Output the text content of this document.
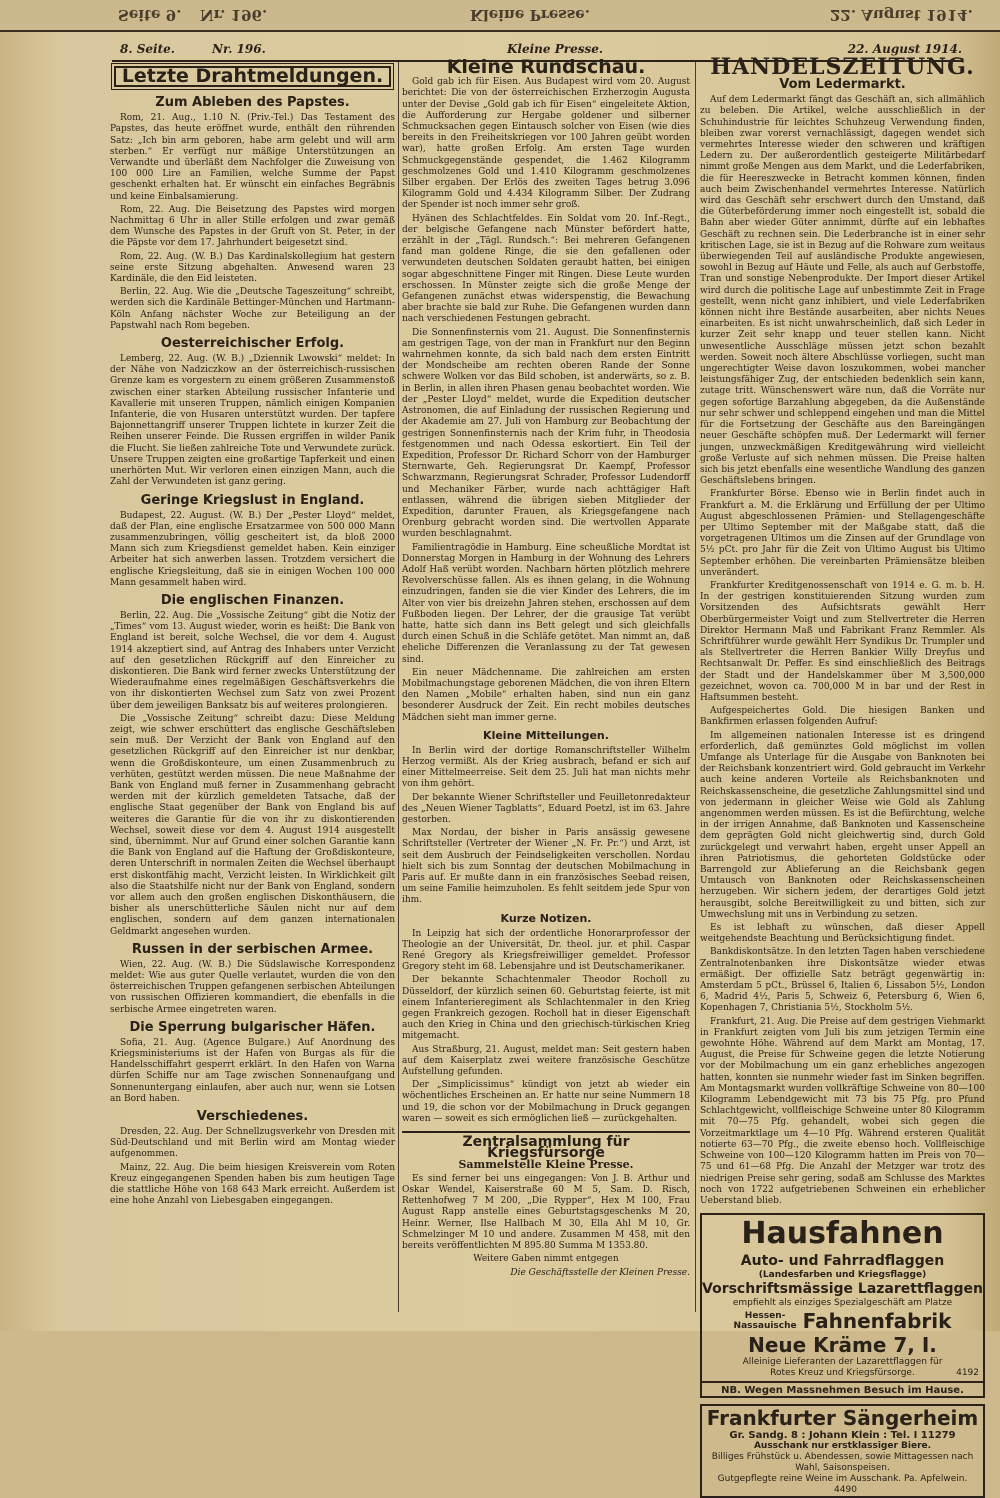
Seite 9. Nr. 196.	Kleine Presse.	22. August 1914.
8. Seite.	Nr. 196.	Kleine Presse.	22. August 1914.
Letzte Drahtmeldungen.
Zum Ableben des Papstes.

Rom, 21. Aug., 1.10 N. (Priv.-Tel.) Das Testament des Papstes, das heute eröffnet wurde, enthält den rührenden Satz: „Ich bin arm geboren, habe arm gelebt und will arm sterben.“ Er verfügt nur mäßige Unterstützungen an Verwandte und überläßt dem Nachfolger die Zuweisung von 100 000 Lire an Familien, welche Summe der Papst geschenkt erhalten hat. Er wünscht ein einfaches Begräbnis und keine Einbalsamierung.

Rom, 22. Aug. Die Beisetzung des Papstes wird morgen Nachmittag 6 Uhr in aller Stille erfolgen und zwar gemäß dem Wunsche des Papstes in der Gruft von St. Peter, in der die Päpste vor dem 17. Jahrhundert beigesetzt sind.

Rom, 22. Aug. (W. B.) Das Kardinalskollegium hat gestern seine erste Sitzung abgehalten. Anwesend waren 23 Kardinäle, die den Eid leisteten.

Berlin, 22. Aug. Wie die „Deutsche Tageszeitung“ schreibt, werden sich die Kardinäle Bettinger-München und Hartmann-Köln Anfang nächster Woche zur Beteiligung an der Papstwahl nach Rom begeben.

Oesterreichischer Erfolg.

Lemberg, 22. Aug. (W. B.) „Dziennik Lwowski“ meldet: In der Nähe von Nadziczkow an der österreichisch-russischen Grenze kam es vorgestern zu einem größeren Zusammenstoß zwischen einer starken Abteilung russischer Infanterie und Kavallerie mit unseren Truppen, nämlich einigen Kompanien Infanterie, die von Husaren unterstützt wurden. Der tapfere Bajonnettangriff unserer Truppen lichtete in kurzer Zeit die Reihen unserer Feinde. Die Russen ergriffen in wilder Panik die Flucht. Sie ließen zahlreiche Tote und Verwundete zurück. Unsere Truppen zeigten eine großartige Tapferkeit und einen unerhörten Mut. Wir verloren einen einzigen Mann, auch die Zahl der Verwundeten ist ganz gering.

Geringe Kriegslust in England.

Budapest, 22. August. (W. B.) Der „Pester Lloyd“ meldet, daß der Plan, eine englische Ersatzarmee von 500 000 Mann zusammenzubringen, völlig gescheitert ist, da bloß 2000 Mann sich zum Kriegsdienst gemeldet haben. Kein einziger Arbeiter hat sich anwerben lassen. Trotzdem versichert die englische Kriegsleitung, daß sie in einigen Wochen 100 000 Mann gesammelt haben wird.

Die englischen Finanzen.

Berlin, 22. Aug. Die „Vossische Zeitung“ gibt die Notiz der „Times“ vom 13. August wieder, worin es heißt: Die Bank von England ist bereit, solche Wechsel, die vor dem 4. August 1914 akzeptiert sind, auf Antrag des Inhabers unter Verzicht auf den gesetzlichen Rückgriff auf den Einreicher zu diskontieren. Die Bank wird ferner zwecks Unterstützung der Wiederaufnahme eines regelmäßigen Geschäftsverkehrs die von ihr diskontierten Wechsel zum Satz von zwei Prozent über dem jeweiligen Banksatz bis auf weiteres prolongieren.

Die „Vossische Zeitung“ schreibt dazu: Diese Meldung zeigt, wie schwer erschüttert das englische Geschäftsleben sein muß. Der Verzicht der Bank von England auf den gesetzlichen Rückgriff auf den Einreicher ist nur denkbar, wenn die Großdiskonteure, um einen Zusammenbruch zu verhüten, gestützt werden müssen. Die neue Maßnahme der Bank von England muß ferner in Zusammenhang gebracht werden mit der kürzlich gemeldeten Tatsache, daß der englische Staat gegenüber der Bank von England bis auf weiteres die Garantie für die von ihr zu diskontierenden Wechsel, soweit diese vor dem 4. August 1914 ausgestellt sind, übernimmt. Nur auf Grund einer solchen Garantie kann die Bank von England auf die Haftung der Großdiskonteure, deren Unterschrift in normalen Zeiten die Wechsel überhaupt erst diskontfähig macht, Verzicht leisten. In Wirklichkeit gilt also die Staatshilfe nicht nur der Bank von England, sondern vor allem auch den großen englischen Diskonthäusern, die bisher als unerschütterliche Säulen nicht nur auf dem englischen, sondern auf dem ganzen internationalen Geldmarkt angesehen wurden.

Russen in der serbischen Armee.

Wien, 22. Aug. (W. B.) Die Südslawische Korrespondenz meldet: Wie aus guter Quelle verlautet, wurden die von den österreichischen Truppen gefangenen serbischen Abteilungen von russischen Offizieren kommandiert, die ebenfalls in die serbische Armee eingetreten waren.

Die Sperrung bulgarischer Häfen.

Sofia, 21. Aug. (Agence Bulgare.) Auf Anordnung des Kriegsministeriums ist der Hafen von Burgas als für die Handelsschiffahrt gesperrt erklärt. In den Hafen von Warna dürfen Schiffe nur am Tage zwischen Sonnenaufgang und Sonnenuntergang einlaufen, aber auch nur, wenn sie Lotsen an Bord haben.

Verschiedenes.

Dresden, 22. Aug. Der Schnellzugsverkehr von Dresden mit Süd-Deutschland und mit Berlin wird am Montag wieder aufgenommen.

Mainz, 22. Aug. Die beim hiesigen Kreisverein vom Roten Kreuz eingegangenen Spenden haben bis zum heutigen Tage die stattliche Höhe von 168 643 Mark erreicht. Außerdem ist eine hohe Anzahl von Liebesgaben eingegangen.

Kleine Rundschau.

Gold gab ich für Eisen. Aus Budapest wird vom 20. August berichtet: Die von der österreichischen Erzherzogin Augusta unter der Devise „Gold gab ich für Eisen“ eingeleitete Aktion, die Aufforderung zur Hergabe goldener und silberner Schmucksachen gegen Eintausch solcher von Eisen (wie dies bereits in den Freiheitskriegen vor 100 Jahren geübt worden war), hatte großen Erfolg. Am ersten Tage wurden Schmuckgegenstände gespendet, die 1.462 Kilogramm geschmolzenes Gold und 1.410 Kilogramm geschmolzenes Silber ergaben. Der Erlös des zweiten Tages betrug 3.096 Kilogramm Gold und 4.434 Kilogramm Silber. Der Zudrang der Spender ist noch immer sehr groß.

Hyänen des Schlachtfeldes. Ein Soldat vom 20. Inf.-Regt., der belgische Gefangene nach Münster befördert hatte, erzählt in der „Tägl. Rundsch.“: Bei mehreren Gefangenen fand man goldene Ringe, die sie den gefallenen oder verwundeten deutschen Soldaten geraubt hatten, bei einigen sogar abgeschnittene Finger mit Ringen. Diese Leute wurden erschossen. In Münster zeigte sich die große Menge der Gefangenen zunächst etwas widerspenstig, die Bewachung aber brachte sie bald zur Ruhe. Die Gefangenen wurden dann nach verschiedenen Festungen gebracht.

Die Sonnenfinsternis vom 21. August. Die Sonnenfinsternis am gestrigen Tage, von der man in Frankfurt nur den Beginn wahrnehmen konnte, da sich bald nach dem ersten Eintritt der Mondscheibe am rechten oberen Rande der Sonne schwere Wolken vor das Bild schoben, ist anderwärts, so z. B. in Berlin, in allen ihren Phasen genau beobachtet worden. Wie der „Pester Lloyd“ meldet, wurde die Expedition deutscher Astronomen, die auf Einladung der russischen Regierung und der Akademie am 27. Juli von Hamburg zur Beobachtung der gestrigen Sonnenfinsternis nach der Krim fuhr, in Theodosia festgenommen und nach Odessa eskortiert. Ein Teil der Expedition, Professor Dr. Richard Schorr von der Hamburger Sternwarte, Geh. Regierungsrat Dr. Kaempf, Professor Schwarzmann, Regierungsrat Schrader, Professor Ludendorff und Mechaniker Färber, wurde nach achttägiger Haft entlassen, während die übrigen sieben Mitglieder der Expedition, darunter Frauen, als Kriegsgefangene nach Orenburg gebracht worden sind. Die wertvollen Apparate wurden beschlagnahmt.

Familientragödie in Hamburg. Eine scheußliche Mordtat ist Donnerstag Morgen in Hamburg in der Wohnung des Lehrers Adolf Haß verübt worden. Nachbarn hörten plötzlich mehrere Revolverschüsse fallen. Als es ihnen gelang, in die Wohnung einzudringen, fanden sie die vier Kinder des Lehrers, die im Alter von vier bis dreizehn Jahren stehen, erschossen auf dem Fußboden liegen. Der Lehrer, der die grausige Tat verübt hatte, hatte sich dann ins Bett gelegt und sich gleichfalls durch einen Schuß in die Schläfe getötet. Man nimmt an, daß eheliche Differenzen die Veranlassung zu der Tat gewesen sind.

Ein neuer Mädchenname. Die zahlreichen am ersten Mobilmachungstage geborenen Mädchen, die von ihren Eltern den Namen „Mobile“ erhalten haben, sind nun ein ganz besonderer Ausdruck der Zeit. Ein recht mobiles deutsches Mädchen sieht man immer gerne.

Kleine Mitteilungen.

In Berlin wird der dortige Romanschriftsteller Wilhelm Herzog vermißt. Als der Krieg ausbrach, befand er sich auf einer Mittelmeerreise. Seit dem 25. Juli hat man nichts mehr von ihm gehört.

Der bekannte Wiener Schriftsteller und Feuilletonredakteur des „Neuen Wiener Tagblatts“, Eduard Poetzl, ist im 63. Jahre gestorben.

Max Nordau, der bisher in Paris ansässig gewesene Schriftsteller (Vertreter der Wiener „N. Fr. Pr.“) und Arzt, ist seit dem Ausbruch der Feindseligkeiten verschollen. Nordau hielt sich bis zum Sonntag der deutschen Mobilmachung in Paris auf. Er mußte dann in ein französisches Seebad reisen, um seine Familie heimzuholen. Es fehlt seitdem jede Spur von ihm.

Kurze Notizen.

In Leipzig hat sich der ordentliche Honorarprofessor der Theologie an der Universität, Dr. theol. jur. et phil. Caspar René Gregory als Kriegsfreiwilliger gemeldet. Professor Gregory steht im 68. Lebensjahre und ist Deutschamerikaner.

Der bekannte Schachtenmaler Theodor Rocholl zu Düsseldorf, der kürzlich seinen 60. Geburtstag feierte, ist mit einem Infanterieregiment als Schlachtenmaler in den Krieg gegen Frankreich gezogen. Rocholl hat in dieser Eigenschaft auch den Krieg in China und den griechisch-türkischen Krieg mitgemacht.

Aus Straßburg, 21. August, meldet man: Seit gestern haben auf dem Kaiserplatz zwei weitere französische Geschütze Aufstellung gefunden.

Der „Simplicissimus“ kündigt von jetzt ab wieder ein wöchentliches Erscheinen an. Er hatte nur seine Nummern 18 und 19, die schon vor der Mobilmachung in Druck gegangen waren — soweit es sich ermöglichen ließ — zurückgehalten.

Zentralsammlung für Kriegsfürsorge
Sammelstelle Kleine Presse.

Es sind ferner bei uns eingegangen: Von J. B. Arthur und Oskar Wendel, Kaiserstraße 60 M 5, Sam. D. Risch, Rettenhofweg 7 M 200, „Die Rypper“, Hex M 100, Frau August Rapp anstelle eines Geburtstagsgeschenks M 20, Heinr. Werner, Ilse Hallbach M 30, Ella Ahl M 10, Gr. Schmelzinger M 10 und andere. Zusammen M 458, mit den bereits veröffentlichten M 895.80 Summa M 1353.80.

Weitere Gaben nimmt entgegen

Die Geschäftsstelle der Kleinen Presse.
HANDELSZEITUNG.
Vom Ledermarkt.

Auf dem Ledermarkt fängt das Geschäft an, sich allmählich zu beleben. Die Artikel, welche ausschließlich in der Schuhindustrie für leichtes Schuhzeug Verwendung finden, bleiben zwar vorerst vernachlässigt, dagegen wendet sich vermehrtes Interesse wieder den schweren und kräftigen Ledern zu. Der außerordentlich gesteigerte Militärbedarf nimmt große Mengen aus dem Markt, und die Lederfabriken, die für Heereszwecke in Betracht kommen können, finden auch beim Zwischenhandel vermehrtes Interesse. Natürlich wird das Geschäft sehr erschwert durch den Umstand, daß die Güterbeförderung immer noch eingestellt ist, sobald die Bahn aber wieder Güter annimmt, dürfte auf ein lebhaftes Geschäft zu rechnen sein. Die Lederbranche ist in einer sehr kritischen Lage, sie ist in Bezug auf die Rohware zum weitaus überwiegenden Teil auf ausländische Produkte angewiesen, sowohl in Bezug auf Häute und Felle, als auch auf Gerbstoffe, Tran und sonstige Nebenprodukte. Der Import dieser Artikel wird durch die politische Lage auf unbestimmte Zeit in Frage gestellt, wenn nicht ganz inhibiert, und viele Lederfabriken können nicht ihre Bestände ausarbeiten, aber nichts Neues einarbeiten. Es ist nicht unwahrscheinlich, daß sich Leder in kurzer Zeit sehr knapp und teuer stellen kann. Nicht unwesentliche Ausschläge müssen jetzt schon bezahlt werden. Soweit noch ältere Abschlüsse vorliegen, sucht man ungerechtigter Weise davon loszukommen, wobei mancher leistungsfähiger Zug, der entschieden bedenklich sein kann, zutage tritt. Wünschenswert wäre nun, daß die Vorräte nur gegen sofortige Barzahlung abgegeben, da die Außenstände nur sehr schwer und schleppend eingehen und man die Mittel für die Fortsetzung der Geschäfte aus den Bareingängen neuer Geschäfte schöpfen muß. Der Ledermarkt will ferner jungen, unzweckmäßigen Kreditgewährung wird vielleicht große Verluste auf sich nehmen müssen. Die Preise halten sich bis jetzt ebenfalls eine wesentliche Wandlung des ganzen Geschäftslebens bringen.

Frankfurter Börse. Ebenso wie in Berlin findet auch in Frankfurt a. M. die Erklärung und Erfüllung der per Ultimo August abgeschlossenen Prämien- und Stellagengeschäfte per Ultimo September mit der Maßgabe statt, daß die vorgetragenen Ultimos um die Zinsen auf der Grundlage von 5½ pCt. pro Jahr für die Zeit von Ultimo August bis Ultimo September erhöhen. Die vereinbarten Prämiensätze bleiben unverändert.

Frankfurter Kreditgenossenschaft von 1914 e. G. m. b. H. In der gestrigen konstituierenden Sitzung wurden zum Vorsitzenden des Aufsichtsrats gewählt Herr Oberbürgermeister Voigt und zum Stellvertreter die Herren Direktor Hermann Maß und Fabrikant Franz Remmler. Als Schriftführer wurde gewählt Herr Syndikus Dr. Trumpler und als Stellvertreter die Herren Bankier Willy Dreyfus und Rechtsanwalt Dr. Peffer. Es sind einschließlich des Beitrags der Stadt und der Handelskammer über M 3,500,000 gezeichnet, wovon ca. 700,000 M in bar und der Rest in Haftsummen besteht.

Aufgespeichertes Gold. Die hiesigen Banken und Bankfirmen erlassen folgenden Aufruf:

Im allgemeinen nationalen Interesse ist es dringend erforderlich, daß gemünztes Gold möglichst im vollen Umfange als Unterlage für die Ausgabe von Banknoten bei der Reichsbank konzentriert wird. Gold gebraucht im Verkehr auch keine anderen Vorteile als Reichsbanknoten und Reichskassenscheine, die gesetzliche Zahlungsmittel sind und von jedermann in gleicher Weise wie Gold als Zahlung angenommen werden müssen. Es ist die Befürchtung, welche in der irrigen Annahme, daß Banknoten und Kassenscheine dem geprägten Gold nicht gleichwertig sind, durch Gold zurückgelegt und verwahrt haben, ergeht unser Appell an ihren Patriotismus, die gehorteten Goldstücke oder Barrengold zur Ablieferung an die Reichsbank gegen Umtausch von Banknoten oder Reichskassenscheinen herzugeben. Wir sichern jedem, der derartiges Gold jetzt herausgibt, solche Bereitwilligkeit zu und bitten, sich zur Umwechslung mit uns in Verbindung zu setzen.

Es ist lebhaft zu wünschen, daß dieser Appell weitgehendste Beachtung und Berücksichtigung findet.

Bankdiskontsätze. In den letzten Tagen haben verschiedene Zentralnotenbanken ihre Diskontsätze wieder etwas ermäßigt. Der offizielle Satz beträgt gegenwärtig in: Amsterdam 5 pCt., Brüssel 6, Italien 6, Lissabon 5½, London 6, Madrid 4½, Paris 5, Schweiz 6, Petersburg 6, Wien 6, Kopenhagen 7, Christiania 5½, Stockholm 5½.

Frankfurt, 21. Aug. Die Preise auf dem gestrigen Viehmarkt in Frankfurt zeigten vom Juli bis zum jetzigen Termin eine gewohnte Höhe. Während auf dem Markt am Montag, 17. August, die Preise für Schweine gegen die letzte Notierung vor der Mobilmachung um ein ganz erhebliches angezogen hatten, konnten sie nunmehr wieder fast im Sinken begriffen. Am Montagsmarkt wurden vollkräftige Schweine von 80—100 Kilogramm Lebendgewicht mit 73 bis 75 Pfg. pro Pfund Schlachtgewicht, vollfleischige Schweine unter 80 Kilogramm mit 70—75 Pfg. gehandelt, wobei sich gegen die Vorzeitmarktlage um 4—10 Pfg. Während ersteren Qualität notierte 63—70 Pfg., die zweite ebenso hoch. Vollfleischige Schweine von 100—120 Kilogramm hatten im Preis von 70—75 und 61—68 Pfg. Die Anzahl der Metzger war trotz des niedrigen Preise sehr gering, sodaß am Schlusse des Marktes noch von 1722 aufgetriebenen Schweinen ein erheblicher Ueberstand blieb.

Hausfahnen
Auto- und Fahrradflaggen
(Landesfarben und Kriegsflagge)
Vorschriftsmässige Lazarettflaggen
empfiehlt als einziges Spezialgeschäft am Platze
Hessen-
Nassauische Fahnenfabrik
Neue Kräme 7, I.
Alleinige Lieferanten der Lazarettflaggen für Rotes Kreuz und Kriegsfürsorge.	4192
NB. Wegen Massnehmen Besuch im Hause.
Frankfurter Sängerheim
Gr. Sandg. 8 : Johann Klein : Tel. I 11279
Ausschank nur erstklassiger Biere.
Billiges Frühstück u. Abendessen, sowie Mittagessen nach Wahl, Saisonspeisen.
Gutgepflegte reine Weine im Ausschank. Pa. Apfelwein. 4490
